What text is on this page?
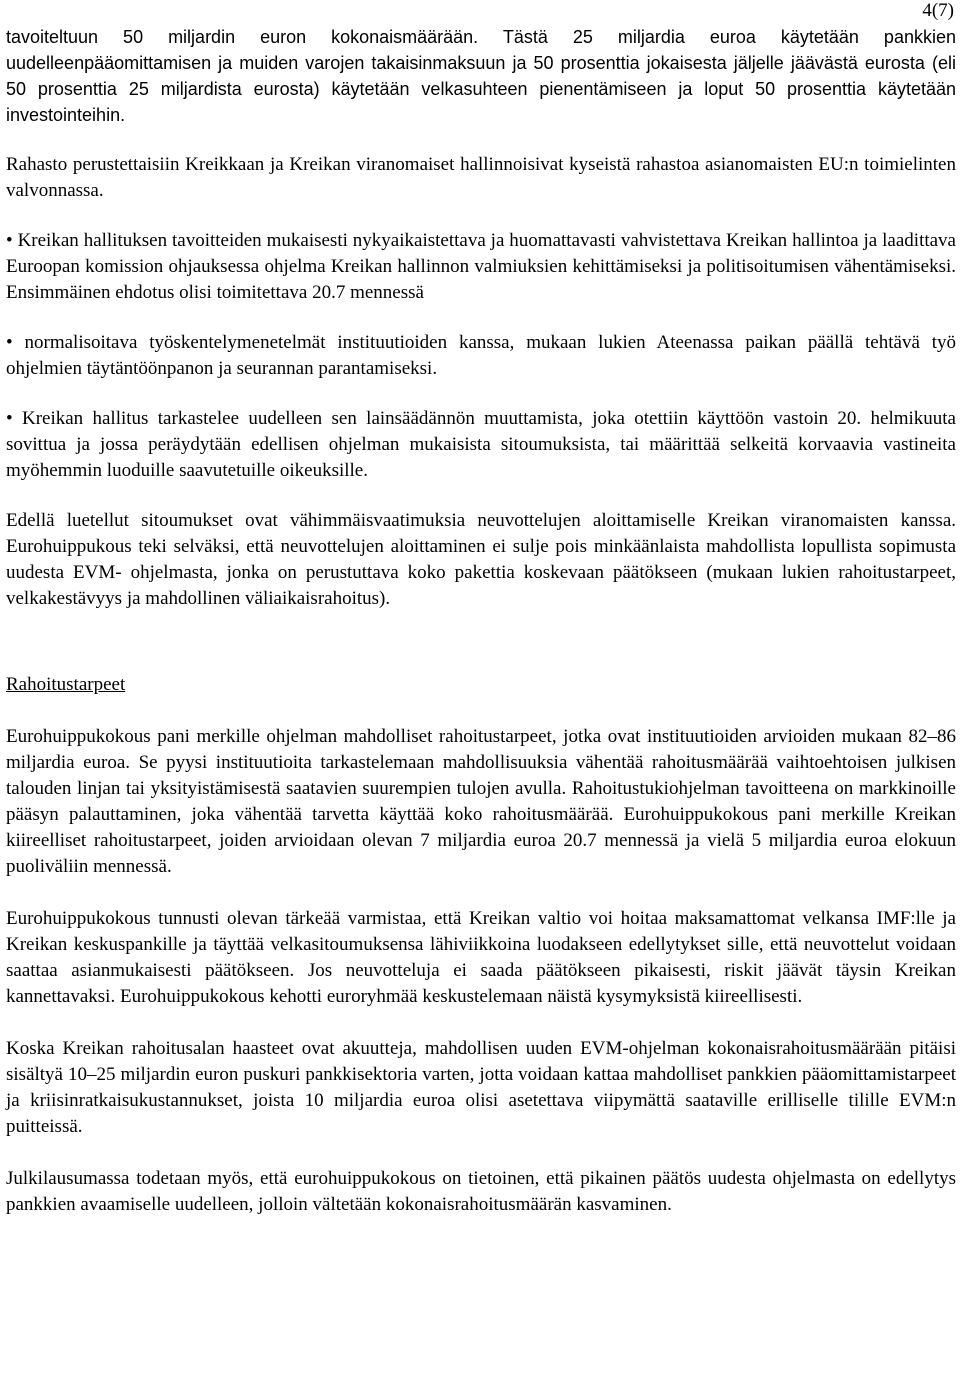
4(7)

tavoiteltuun 50 miljardin euron kokonaismäärään. Tästä 25 miljardia euroa käytetään pankkien uudelleenpääomittamisen ja muiden varojen takaisinmaksuun ja 50 prosenttia jokaisesta jäljelle jäävästä eurosta (eli 50 prosenttia 25 miljardista eurosta) käytetään velkasuhteen pienentämiseen ja loput 50 prosenttia käytetään investointeihin.

Rahasto perustettaisiin Kreikkaan ja Kreikan viranomaiset hallinnoisivat kyseistä rahastoa asianomaisten EU:n toimielinten valvonnassa.

• Kreikan hallituksen tavoitteiden mukaisesti nykyaikaistettava ja huomattavasti vahvistettava Kreikan hallintoa ja laadittava Euroopan komission ohjauksessa ohjelma Kreikan hallinnon valmiuksien kehittämiseksi ja politisoitumisen vähentämiseksi. Ensimmäinen ehdotus olisi toimitettava 20.7 mennessä

• normalisoitava työskentelymenetelmät instituutioiden kanssa, mukaan lukien Ateenassa paikan päällä tehtävä työ ohjelmien täytäntöönpanon ja seurannan parantamiseksi.

• Kreikan hallitus tarkastelee uudelleen sen lainsäädännön muuttamista, joka otettiin käyttöön vastoin 20. helmikuuta sovittua ja jossa peräydytään edellisen ohjelman mukaisista sitoumuksista, tai määrittää selkeitä korvaavia vastineita myöhemmin luoduille saavutetuille oikeuksille.

Edellä luetellut sitoumukset ovat vähimmäisvaatimuksia neuvottelujen aloittamiselle Kreikan viranomaisten kanssa. Eurohuippukous teki selväksi, että neuvottelujen aloittaminen ei sulje pois minkäänlaista mahdollista lopullista sopimusta uudesta EVM- ohjelmasta, jonka on perustuttava koko pakettia koskevaan päätökseen (mukaan lukien rahoitustarpeet, velkakestävyys ja mahdollinen väliaikaisrahoitus).

Rahoitustarpeet

Eurohuippukokous pani merkille ohjelman mahdolliset rahoitustarpeet, jotka ovat instituutioiden arvioiden mukaan 82–86 miljardia euroa. Se pyysi instituutioita tarkastelemaan mahdollisuuksia vähentää rahoitusmäärää vaihtoehtoisen julkisen talouden linjan tai yksityistämisestä saatavien suurempien tulojen avulla. Rahoitustukiohjelman tavoitteena on markkinoille pääsyn palauttaminen, joka vähentää tarvetta käyttää koko rahoitusmäärää. Eurohuippukokous pani merkille Kreikan kiireelliset rahoitustarpeet, joiden arvioidaan olevan 7 miljardia euroa 20.7 mennessä ja vielä 5 miljardia euroa elokuun puoliväliin mennessä.

Eurohuippukokous tunnusti olevan tärkeää varmistaa, että Kreikan valtio voi hoitaa maksamattomat velkansa IMF:lle ja Kreikan keskuspankille ja täyttää velkasitoumuksensa lähiviikkoina luodakseen edellytykset sille, että neuvottelut voidaan saattaa asianmukaisesti päätökseen. Jos neuvotteluja ei saada päätökseen pikaisesti, riskit jäävät täysin Kreikan kannettavaksi. Eurohuippukokous kehotti euroryhmää keskustelemaan näistä kysymyksistä kiireellisesti.

Koska Kreikan rahoitusalan haasteet ovat akuutteja, mahdollisen uuden EVM-ohjelman kokonaisrahoitusmäärään pitäisi sisältyä 10–25 miljardin euron puskuri pankkisektoria varten, jotta voidaan kattaa mahdolliset pankkien pääomittamistarpeet ja kriisinratkaisukustannukset, joista 10 miljardia euroa olisi asetettava viipymättä saataville erilliselle tilille EVM:n puitteissä.

Julkilausumassa todetaan myös, että eurohuippukokous on tietoinen, että pikainen päätös uudesta ohjelmasta on edellytys pankkien avaamiselle uudelleen, jolloin vältetään kokonaisrahoitusmäärän kasvaminen.
